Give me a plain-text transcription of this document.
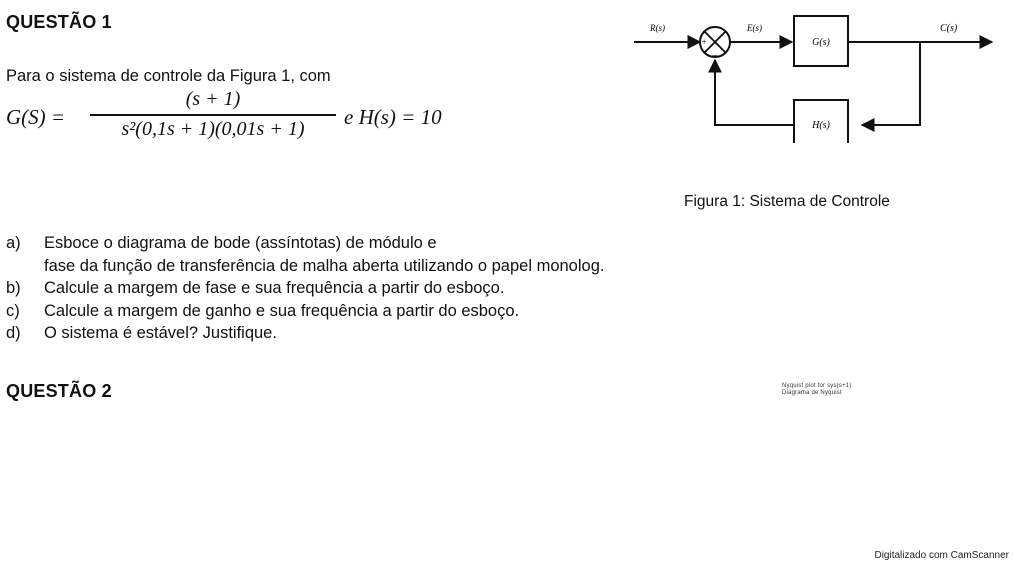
QUESTÃO 1
Para o sistema de controle da Figura 1, com
G(S) =
(s + 1)
s²(0,1s + 1)(0,01s + 1) e H(s) = 10
+
−
G(s)
H(s)
R(s)	E(s)	C(s)
Figura 1: Sistema de Controle
a) Esboce o diagrama de bode (assíntotas) de módulo e
fase da função de transferência de malha aberta utilizando o papel monolog.
b) Calcule a margem de fase e sua frequência a partir do esboço.
c) Calcule a margem de ganho e sua frequência a partir do esboço.
d) O sistema é estável? Justifique.
QUESTÃO 2	Nyquist plot for sys(s+1)
Diagrama de Nyquist
Digitalizado com CamScanner
